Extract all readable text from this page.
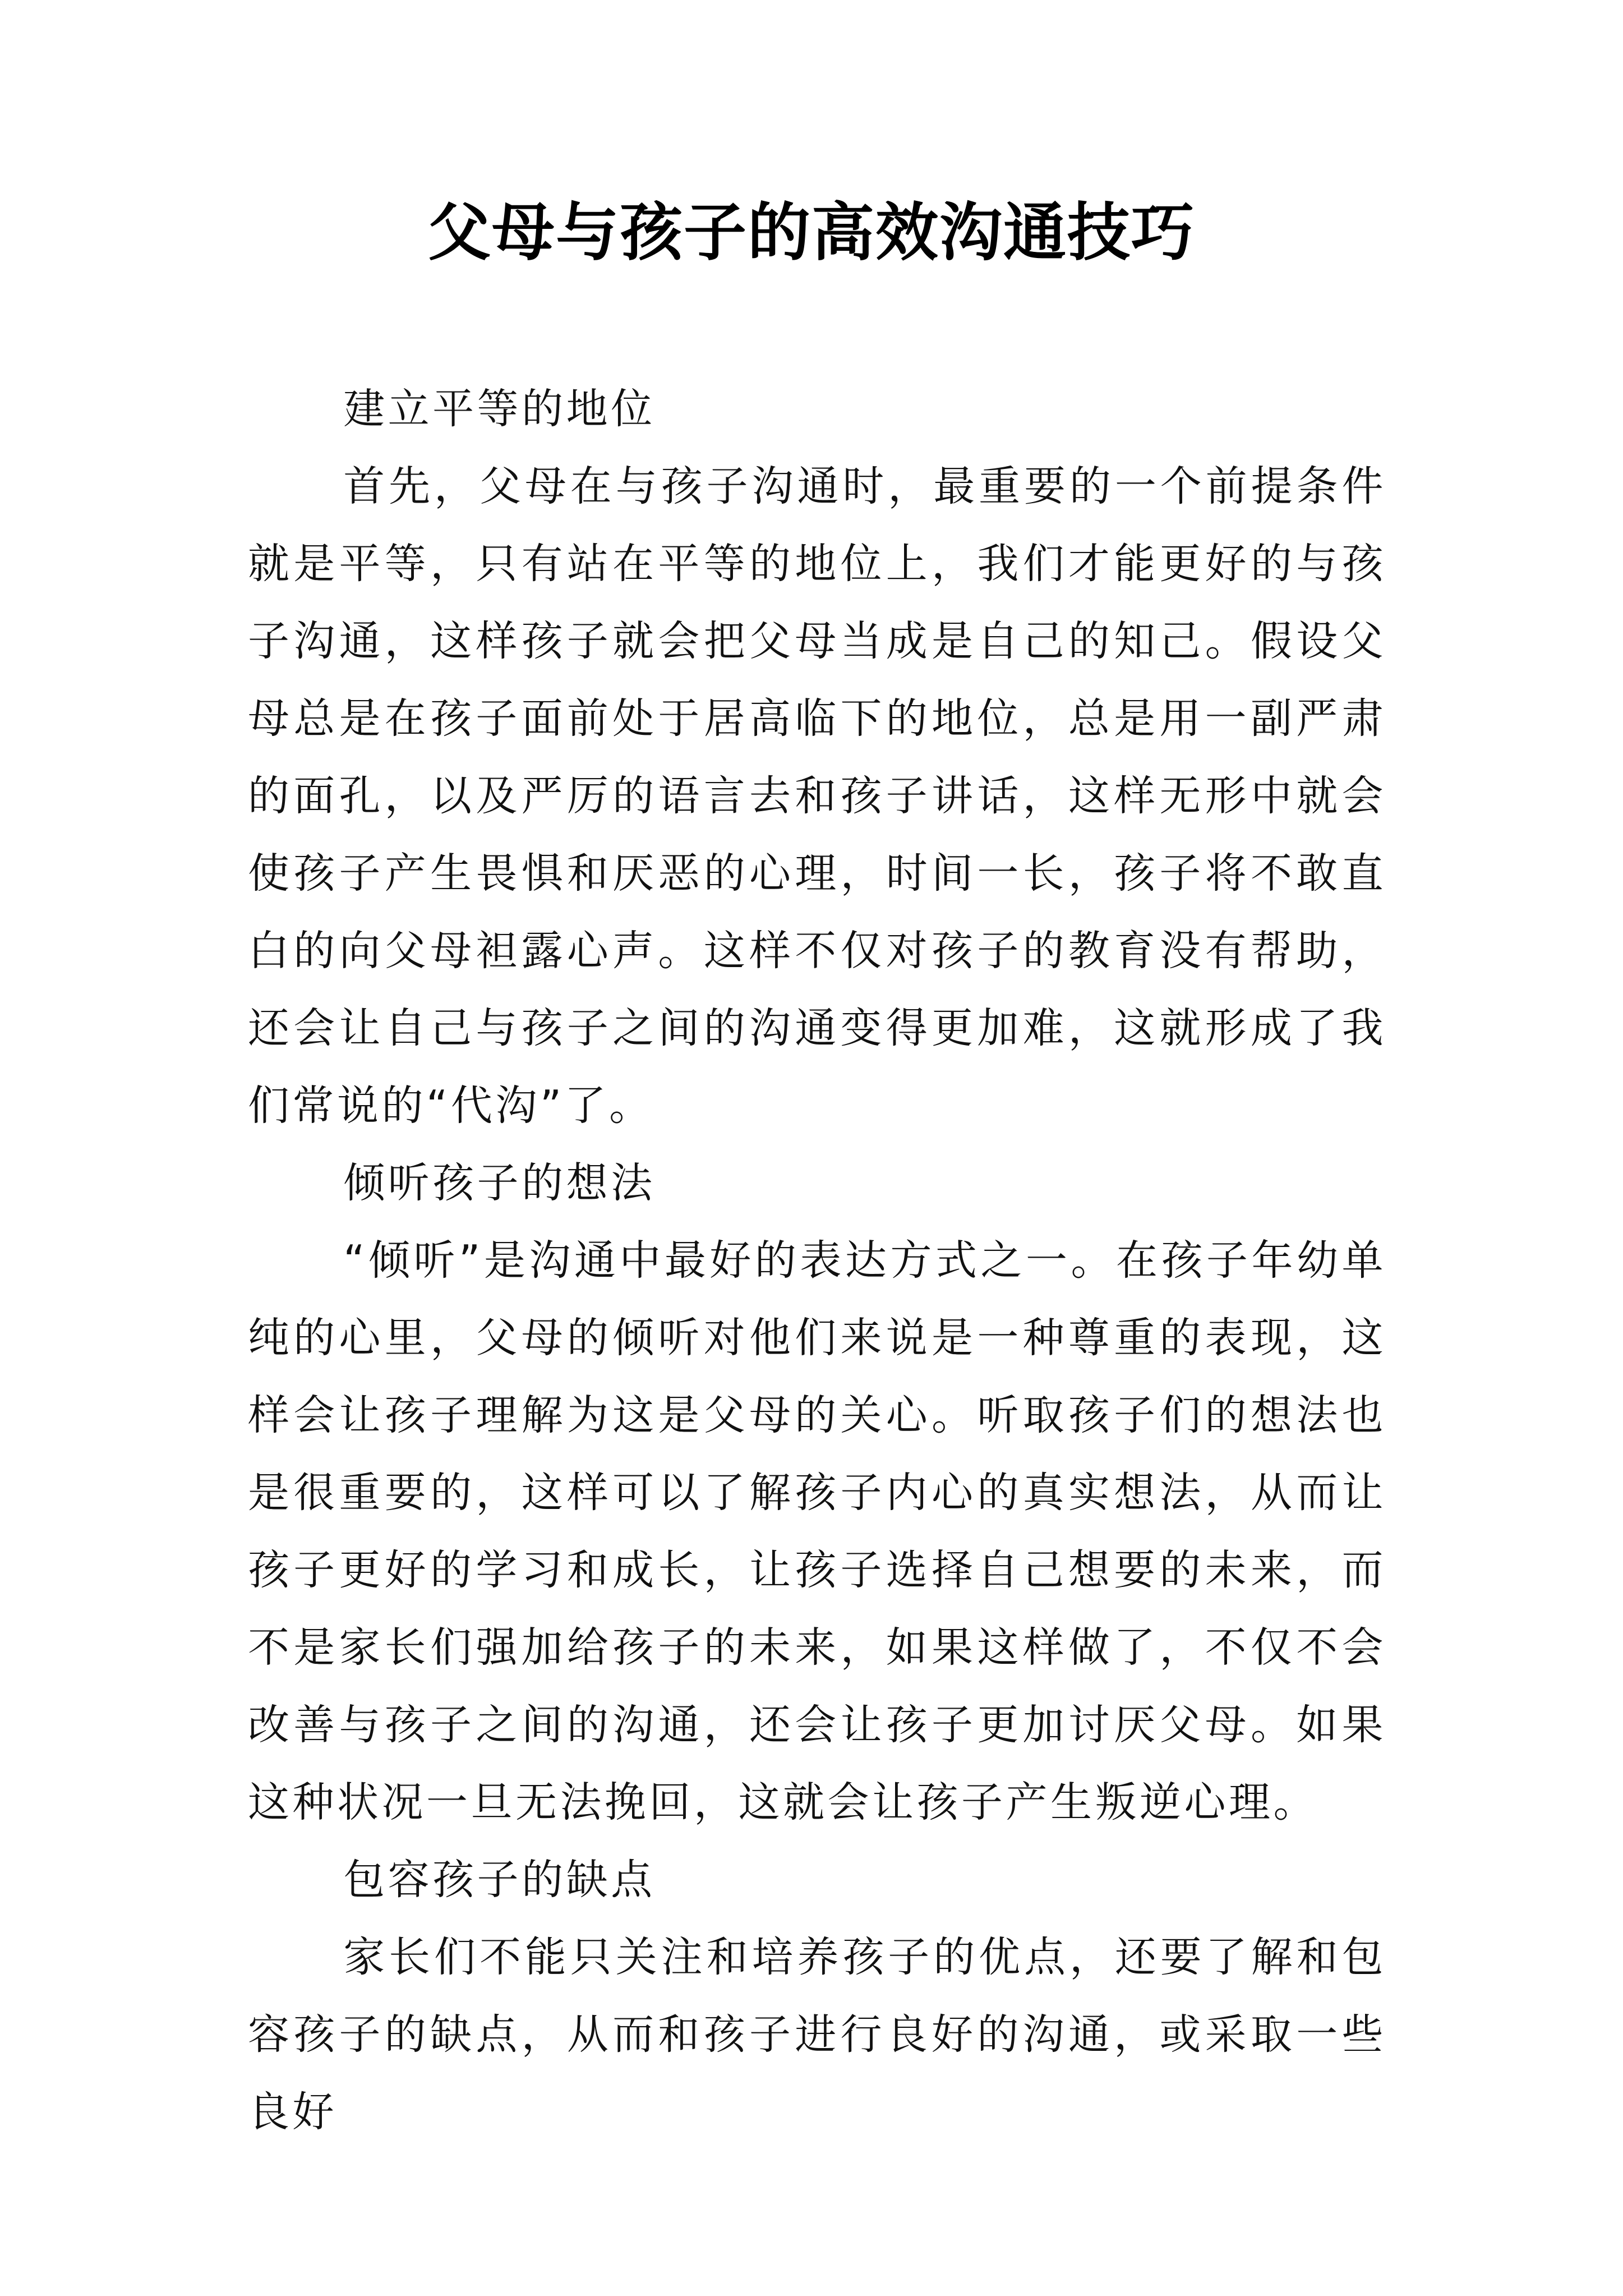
父母与孩子的高效沟通技巧

建立平等的地位

首先，父母在与孩子沟通时，最重要的一个前提条件就是平等，只有站在平等的地位上，我们才能更好的与孩子沟通，这样孩子就会把父母当成是自己的知己。假设父母总是在孩子面前处于居高临下的地位，总是用一副严肃的面孔，以及严厉的语言去和孩子讲话，这样无形中就会使孩子产生畏惧和厌恶的心理，时间一长，孩子将不敢直白的向父母袒露心声。这样不仅对孩子的教育没有帮助，还会让自己与孩子之间的沟通变得更加难，这就形成了我们常说的“代沟”了。

倾听孩子的想法

“倾听”是沟通中最好的表达方式之一。在孩子年幼单纯的心里，父母的倾听对他们来说是一种尊重的表现，这样会让孩子理解为这是父母的关心。听取孩子们的想法也是很重要的，这样可以了解孩子内心的真实想法，从而让孩子更好的学习和成长，让孩子选择自己想要的未来，而不是家长们强加给孩子的未来，如果这样做了，不仅不会改善与孩子之间的沟通，还会让孩子更加讨厌父母。如果这种状况一旦无法挽回，这就会让孩子产生叛逆心理。

包容孩子的缺点

家长们不能只关注和培养孩子的优点，还要了解和包容孩子的缺点，从而和孩子进行良好的沟通，或采取一些良好
